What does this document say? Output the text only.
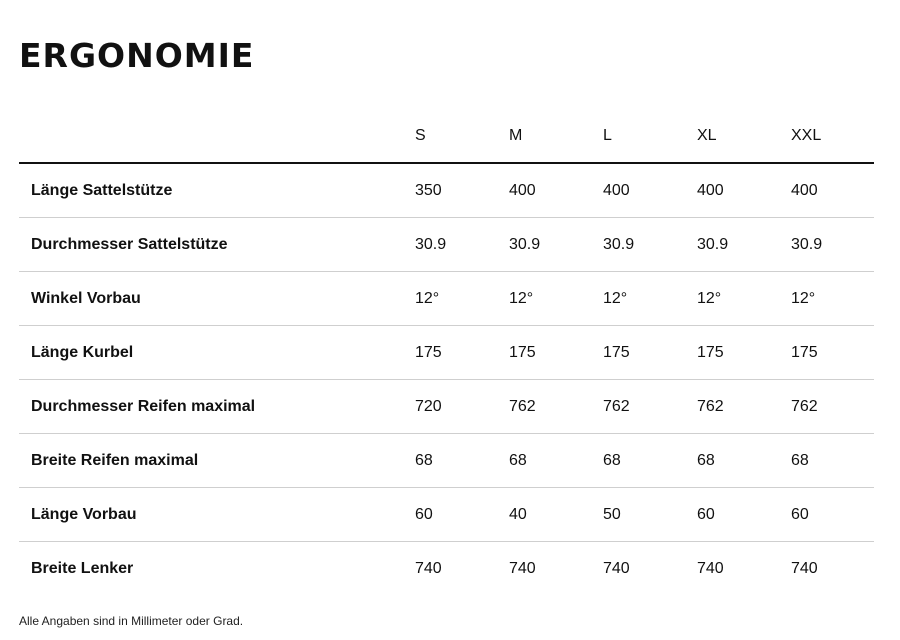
ERGONOMIE
	S	M	L	XL	XXL
Länge Sattelstütze	350	400	400	400	400
Durchmesser Sattelstütze	30.9	30.9	30.9	30.9	30.9
Winkel Vorbau	12°	12°	12°	12°	12°
Länge Kurbel	175	175	175	175	175
Durchmesser Reifen maximal	720	762	762	762	762
Breite Reifen maximal	68	68	68	68	68
Länge Vorbau	60	40	50	60	60
Breite Lenker	740	740	740	740	740

Alle Angaben sind in Millimeter oder Grad.
